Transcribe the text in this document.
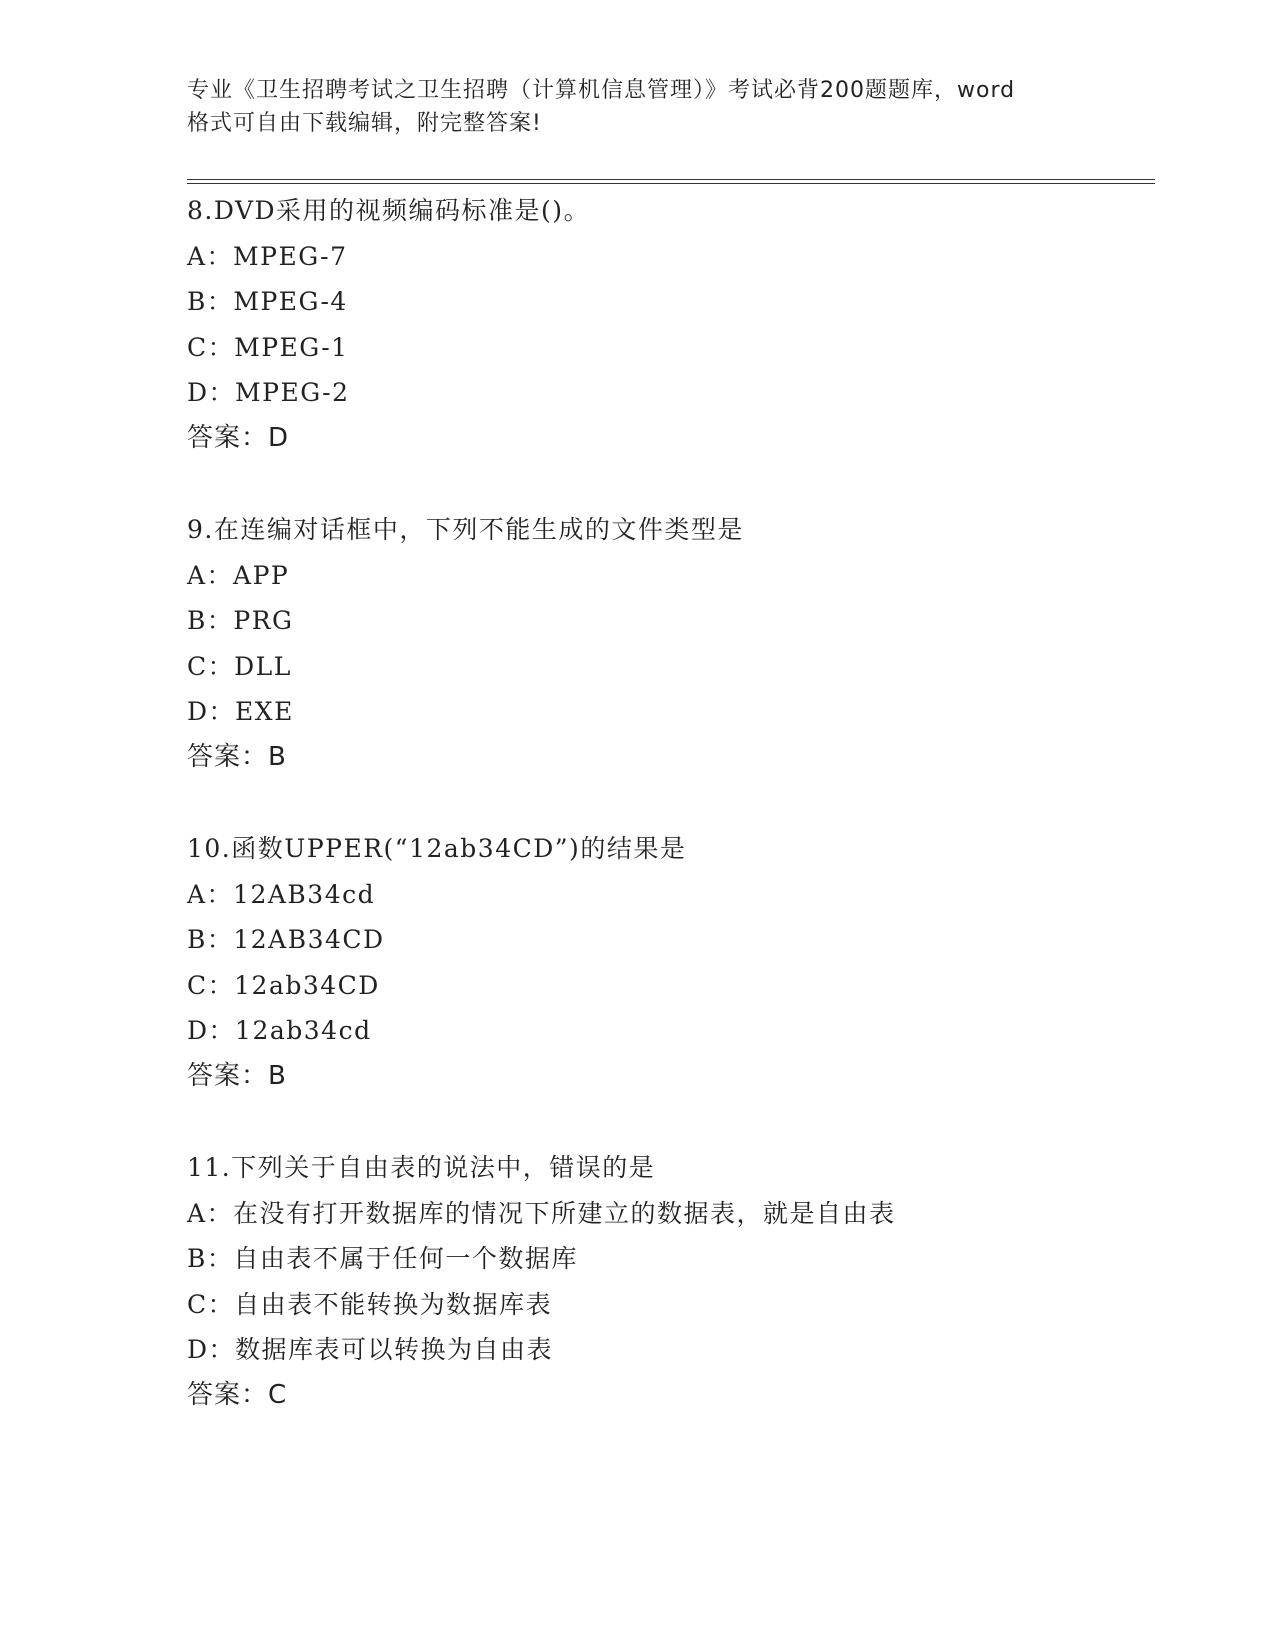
专业《卫生招聘考试之卫生招聘（计算机信息管理）》考试必背200题题库，word
格式可自由下载编辑，附完整答案!
8.DVD采用的视频编码标准是()。
A：MPEG-7
B：MPEG-4
C：MPEG-1
D：MPEG-2
答案：D
9.在连编对话框中，下列不能生成的文件类型是
A：APP
B：PRG
C：DLL
D：EXE
答案：B
10.函数UPPER(“12ab34CD”)的结果是
A：12AB34cd
B：12AB34CD
C：12ab34CD
D：12ab34cd
答案：B
11.下列关于自由表的说法中，错误的是
A：在没有打开数据库的情况下所建立的数据表，就是自由表
B：自由表不属于任何一个数据库
C：自由表不能转换为数据库表
D：数据库表可以转换为自由表
答案：C
